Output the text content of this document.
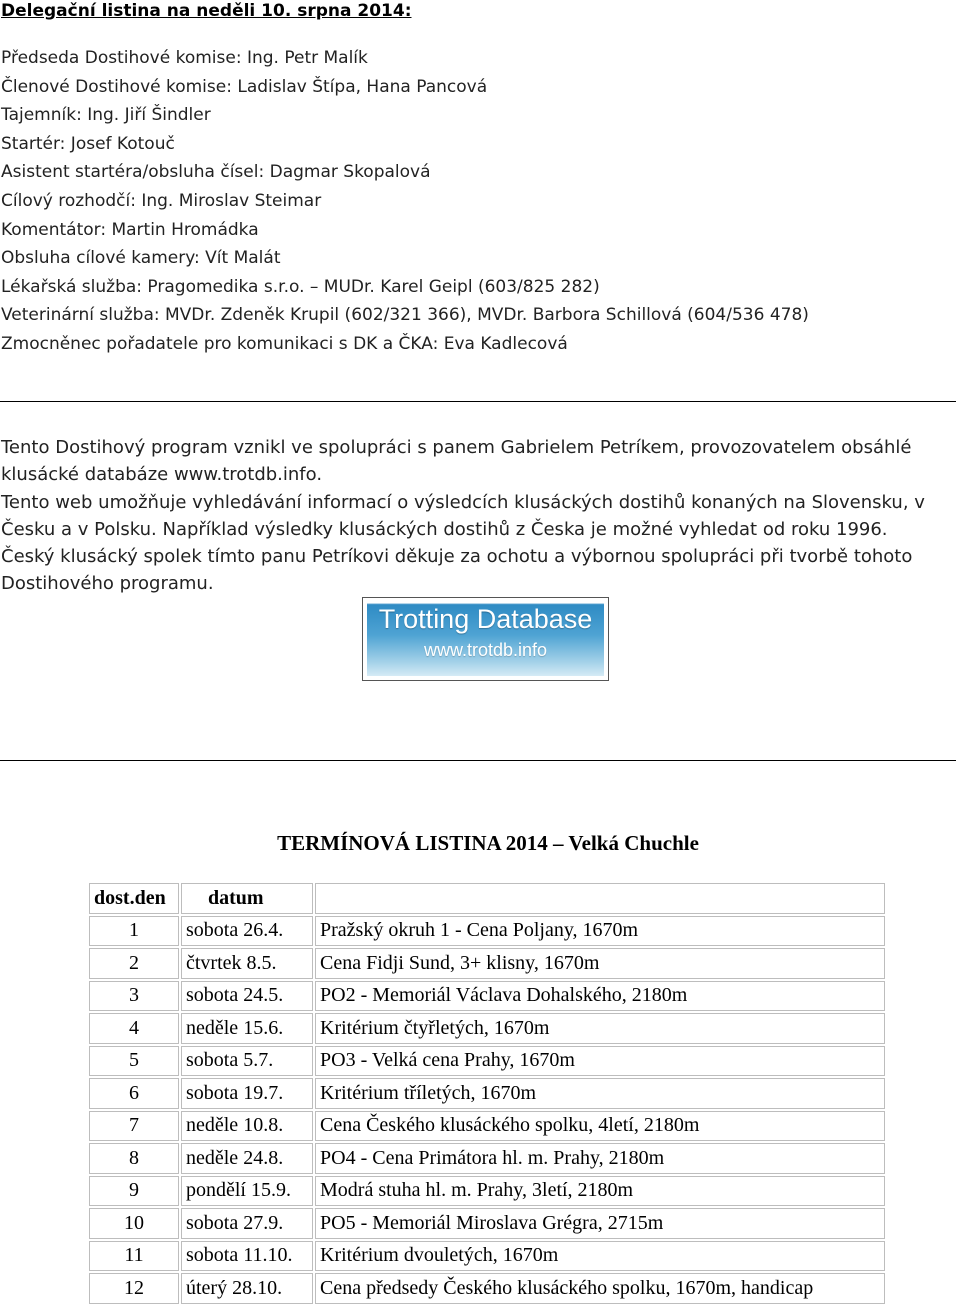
Delegační listina na neděli 10. srpna 2014:
Předseda Dostihové komise: Ing. Petr Malík
Členové Dostihové komise: Ladislav Štípa, Hana Pancová
Tajemník: Ing. Jiří Šindler
Startér: Josef Kotouč
Asistent startéra/obsluha čísel: Dagmar Skopalová
Cílový rozhodčí: Ing. Miroslav Steimar
Komentátor: Martin Hromádka
Obsluha cílové kamery: Vít Malát
Lékařská služba: Pragomedika s.r.o. – MUDr. Karel Geipl (603/825 282)
Veterinární služba: MVDr. Zdeněk Krupil (602/321 366), MVDr. Barbora Schillová (604/536 478)
Zmocněnec pořadatele pro komunikaci s DK a ČKA: Eva Kadlecová

Tento Dostihový program vznikl ve spolupráci s panem Gabrielem Petríkem, provozovatelem obsáhlé klusácké databáze www.trotdb.info.

Tento web umožňuje vyhledávání informací o výsledcích klusáckých dostihů konaných na Slovensku, v Česku a v Polsku. Například výsledky klusáckých dostihů z Česka je možné vyhledat od roku 1996.

Český klusácký spolek tímto panu Petríkovi děkuje za ochotu a výbornou spolupráci při tvorbě tohoto Dostihového programu.

Trotting Database
www.trotdb.info
TERMÍNOVÁ LISTINA 2014 – Velká Chuchle
dost.den	datum	
1	sobota 26.4.	Pražský okruh 1 - Cena Poljany, 1670m
2	čtvrtek 8.5.	Cena Fidji Sund, 3+ klisny, 1670m
3	sobota 24.5.	PO2 - Memoriál Václava Dohalského, 2180m
4	neděle 15.6.	Kritérium čtyřletých, 1670m
5	sobota 5.7.	PO3 - Velká cena Prahy, 1670m
6	sobota 19.7.	Kritérium tříletých, 1670m
7	neděle 10.8.	Cena Českého klusáckého spolku, 4letí, 2180m
8	neděle 24.8.	PO4 - Cena Primátora hl. m. Prahy, 2180m
9	pondělí 15.9.	Modrá stuha hl. m. Prahy, 3letí, 2180m
10	sobota 27.9.	PO5 - Memoriál Miroslava Grégra, 2715m
11	sobota 11.10.	Kritérium dvouletých, 1670m
12	úterý 28.10.	Cena předsedy Českého klusáckého spolku, 1670m, handicap
